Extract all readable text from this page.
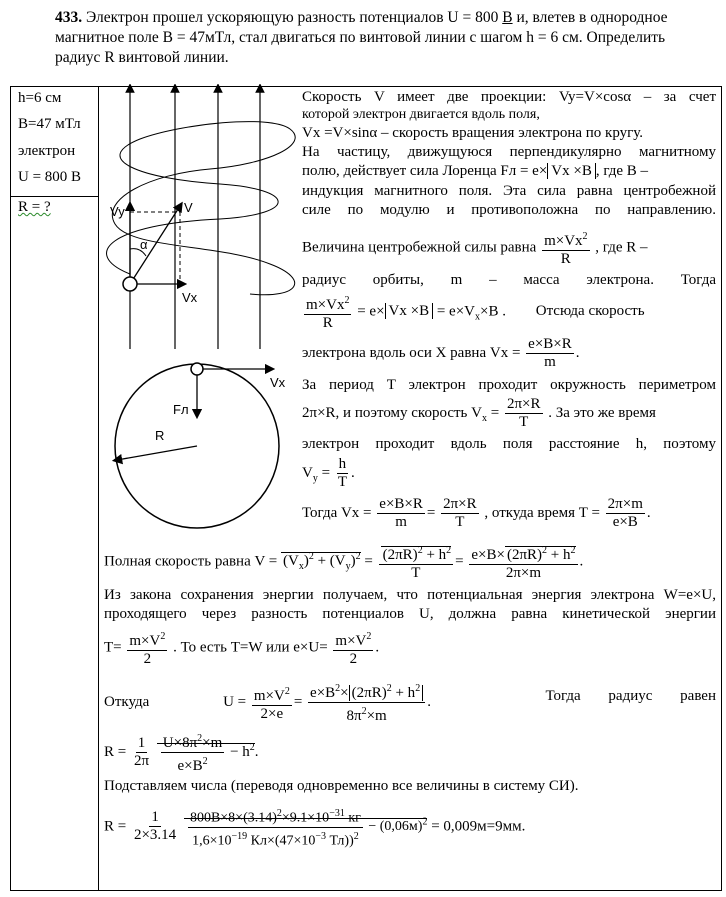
433. Электрон прошел ускоряющую разность потенциалов U = 800 В и, влетев в однородное
магнитное поле B = 47мТл, стал двигаться по винтовой линии с шагом h = 6 см. Определить
радиус R винтовой линии.
h=6 см
B=47 мТл
электрон
U = 800 В
R = ?	Vy	V
α
Vx
Vx
Fл
R
Скорость V имеет две проекции: Vy=V×cosα – за счет
которой электрон двигается вдоль поля,
Vx =V×sinα – скорость вращения электрона по кругу.
На частицу, движущуюся перпендикулярно магнитному
полю, действует сила Лоренца Fл = e× Vx ×B , где B –
индукция магнитного поля. Эта сила равна центробежной
силе по модулю и противоположна по направлению.
Величина центробежной силы равна $\frac{m\times Vx^2}{R}$ , где R –
радиус орбиты, m – масса электрона. Тогда
$\frac{m\times Vx^2}{R} = e\times Vx \times B = e\times V_x\times B$ . Отсюда скорость
электрона вдоль оси X равна $Vx = \frac{e\times B\times R}{m}$ .
За период T электрон проходит окружность периметром
2π×R, и поэтому скорость $V_x = \frac{2\pi\times R}{T}$ . За это же время
электрон проходит вдоль поля расстояние h, поэтому
$V_y = \frac{h}{T}$ .
Тогда $Vx = \frac{e\times B\times R}{m} = \frac{2\pi\times R}{T}$ , откуда время $T = \frac{2\pi\times m}{e\times B}$ .
Полная скорость равна $V = (V_x)^2 + (V_y)^2 = \frac{(2\pi R)^2 + h^2}{T} = \frac{e\times B\times (2\pi R)^2 + h^2}{2\pi\times m}$ .
Из закона сохранения энергии получаем, что потенциальная энергия электрона W=e×U,
проходящего через разность потенциалов U, должна равна кинетической энергии
$T= \frac{m\times V^2}{2}$ . То есть T=W или $e\times U= \frac{m\times V^2}{2}$ .
Откуда	$U = \frac{m\times V^2}{2\times e} = \frac{e\times B^2\times (2\pi R)^2 + h^2}{8\pi^2\times m}$ .	Тогда радиус равен
$R = \frac{1}{2\pi}$
$\frac{U\times 8\pi^2\times m}{e\times B^2} - h^2$.
Подставляем числа (переводя одновременно все величины в систему СИ).
$R = \frac{1}{2\times 3.14}$
$\frac{800В\times 8\times(3.14)^2\times 9.1\times 10^{-31} кг}{1,6\times 10^{-19} Кл\times(47\times 10^{-3} Тл))^2} - (0,06м)^2 = 0,009м=9мм$.
